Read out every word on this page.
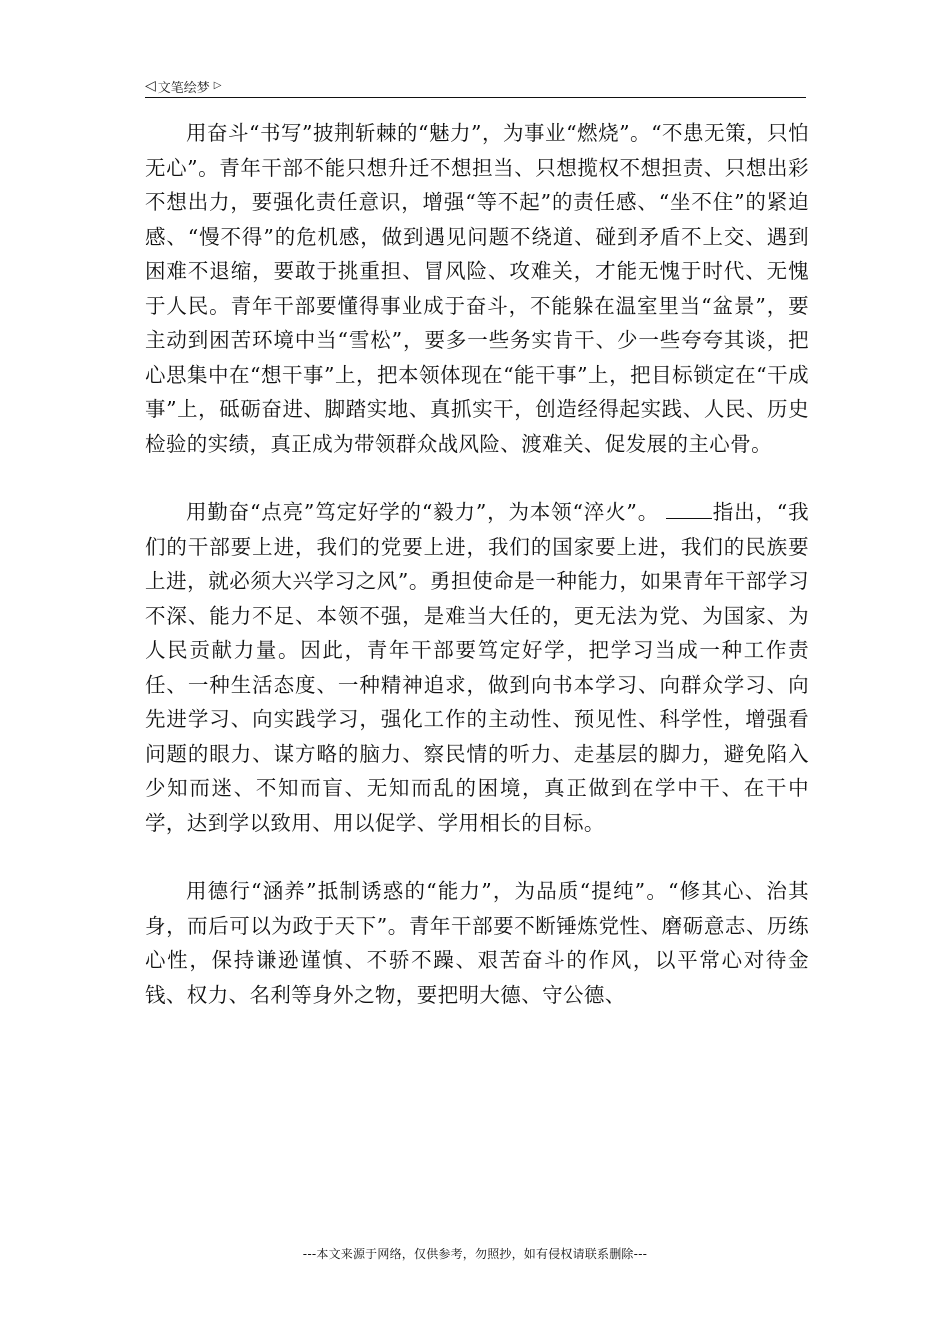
◁ 文笔绘梦 ▷

用奋斗“书写”披荆斩棘的“魅力”，为事业“燃烧”。“不患无策，只怕无心”。青年干部不能只想升迁不想担当、只想揽权不想担责、只想出彩不想出力，要强化责任意识，增强“等不起”的责任感、“坐不住”的紧迫感、“慢不得”的危机感，做到遇见问题不绕道、碰到矛盾不上交、遇到困难不退缩，要敢于挑重担、冒风险、攻难关，才能无愧于时代、无愧于人民。青年干部要懂得事业成于奋斗，不能躲在温室里当“盆景”，要主动到困苦环境中当“雪松”，要多一些务实肯干、少一些夸夸其谈，把心思集中在“想干事”上，把本领体现在“能干事”上，把目标锁定在“干成事”上，砥砺奋进、脚踏实地、真抓实干，创造经得起实践、人民、历史检验的实绩，真正成为带领群众战风险、渡难关、促发展的主心骨。

用勤奋“点亮”笃定好学的“毅力”，为本领“淬火”。	指出，“我们的干部要上进，我们的党要上进，我们的国家要上进，我们的民族要上进，就必须大兴学习之风”。勇担使命是一种能力，如果青年干部学习不深、能力不足、本领不强，是难当大任的，更无法为党、为国家、为人民贡献力量。因此，青年干部要笃定好学，把学习当成一种工作责任、一种生活态度、一种精神追求，做到向书本学习、向群众学习、向先进学习、向实践学习，强化工作的主动性、预见性、科学性，增强看问题的眼力、谋方略的脑力、察民情的听力、走基层的脚力，避免陷入少知而迷、不知而盲、无知而乱的困境，真正做到在学中干、在干中学，达到学以致用、用以促学、学用相长的目标。

用德行“涵养”抵制诱惑的“能力”，为品质“提纯”。“修其心、治其身，而后可以为政于天下”。青年干部要不断锤炼党性、磨砺意志、历练心性，保持谦逊谨慎、不骄不躁、艰苦奋斗的作风，以平常心对待金钱、权力、名利等身外之物，要把明大德、守公德、

---本文来源于网络，仅供参考，勿照抄，如有侵权请联系删除---
